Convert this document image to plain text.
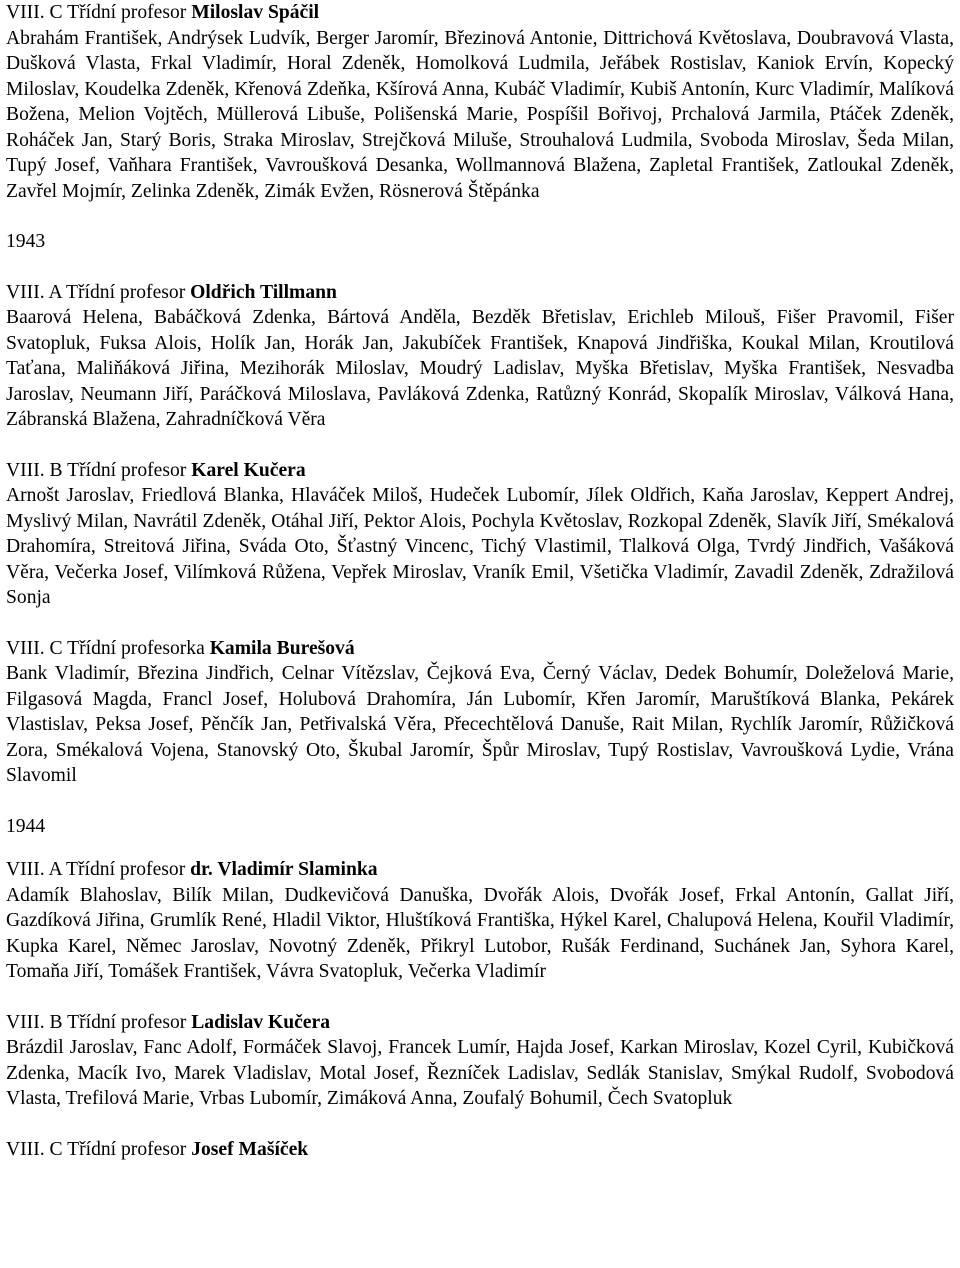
VIII. C Třídní profesor Miloslav Spáčil

Abrahám František, Andrýsek Ludvík, Berger Jaromír, Březinová Antonie, Dittrichová Květoslava, Doubravová Vlasta, Dušková Vlasta, Frkal Vladimír, Horal Zdeněk, Homolková Ludmila, Jeřábek Rostislav, Kaniok Ervín, Kopecký Miloslav, Koudelka Zdeněk, Křenová Zdeňka, Kšírová Anna, Kubáč Vladimír, Kubiš Antonín, Kurc Vladimír, Malíková Božena, Melion Vojtěch, Müllerová Libuše, Polišenská Marie, Pospíšil Bořivoj, Prchalová Jarmila, Ptáček Zdeněk, Roháček Jan, Starý Boris, Straka Miroslav, Strejčková Miluše, Strouhalová Ludmila, Svoboda Miroslav, Šeda Milan, Tupý Josef, Vaňhara František, Vavroušková Desanka, Wollmannová Blažena, Zapletal František, Zatloukal Zdeněk, Zavřel Mojmír, Zelinka Zdeněk, Zimák Evžen, Rösnerová Štěpánka

1943

VIII. A Třídní profesor Oldřich Tillmann

Baarová Helena, Babáčková Zdenka, Bártová Anděla, Bezděk Břetislav, Erichleb Milouš, Fišer Pravomil, Fišer Svatopluk, Fuksa Alois, Holík Jan, Horák Jan, Jakubíček František, Knapová Jindřiška, Koukal Milan, Kroutilová Taťana, Maliňáková Jiřina, Mezihorák Miloslav, Moudrý Ladislav, Myška Břetislav, Myška František, Nesvadba Jaroslav, Neumann Jiří, Paráčková Miloslava, Pavláková Zdenka, Ratůzný Konrád, Skopalík Miroslav, Válková Hana, Zábranská Blažena, Zahradníčková Věra

VIII. B Třídní profesor Karel Kučera

Arnošt Jaroslav, Friedlová Blanka, Hlaváček Miloš, Hudeček Lubomír, Jílek Oldřich, Kaňa Jaroslav, Keppert Andrej, Myslivý Milan, Navrátil Zdeněk, Otáhal Jiří, Pektor Alois, Pochyla Květoslav, Rozkopal Zdeněk, Slavík Jiří, Smékalová Drahomíra, Streitová Jiřina, Sváda Oto, Šťastný Vincenc, Tichý Vlastimil, Tlalková Olga, Tvrdý Jindřich, Vašáková Věra, Večerka Josef, Vilímková Růžena, Vepřek Miroslav, Vraník Emil, Všetička Vladimír, Zavadil Zdeněk, Zdražilová Sonja

VIII. C Třídní profesorka Kamila Burešová

Bank Vladimír, Březina Jindřich, Celnar Vítězslav, Čejková Eva, Černý Václav, Dedek Bohumír, Doleželová Marie, Filgasová Magda, Francl Josef, Holubová Drahomíra, Ján Lubomír, Křen Jaromír, Maruštíková Blanka, Pekárek Vlastislav, Peksa Josef, Pěnčík Jan, Petřivalská Věra, Přecechtělová Danuše, Rait Milan, Rychlík Jaromír, Růžičková Zora, Smékalová Vojena, Stanovský Oto, Škubal Jaromír, Špůr Miroslav, Tupý Rostislav, Vavroušková Lydie, Vrána Slavomil

1944

VIII. A Třídní profesor dr. Vladimír Slaminka

Adamík Blahoslav, Bilík Milan, Dudkevičová Danuška, Dvořák Alois, Dvořák Josef, Frkal Antonín, Gallat Jiří, Gazdíková Jiřina, Grumlík René, Hladil Viktor, Hluštíková Františka, Hýkel Karel, Chalupová Helena, Kouřil Vladimír, Kupka Karel, Němec Jaroslav, Novotný Zdeněk, Přikryl Lutobor, Rušák Ferdinand, Suchánek Jan, Syhora Karel, Tomaňa Jiří, Tomášek František, Vávra Svatopluk, Večerka Vladimír

VIII. B Třídní profesor Ladislav Kučera

Brázdil Jaroslav, Fanc Adolf, Formáček Slavoj, Francek Lumír, Hajda Josef, Karkan Miroslav, Kozel Cyril, Kubičková Zdenka, Macík Ivo, Marek Vladislav, Motal Josef, Řezníček Ladislav, Sedlák Stanislav, Smýkal Rudolf, Svobodová Vlasta, Trefilová Marie, Vrbas Lubomír, Zimáková Anna, Zoufalý Bohumil, Čech Svatopluk

VIII. C Třídní profesor Josef Mašíček
